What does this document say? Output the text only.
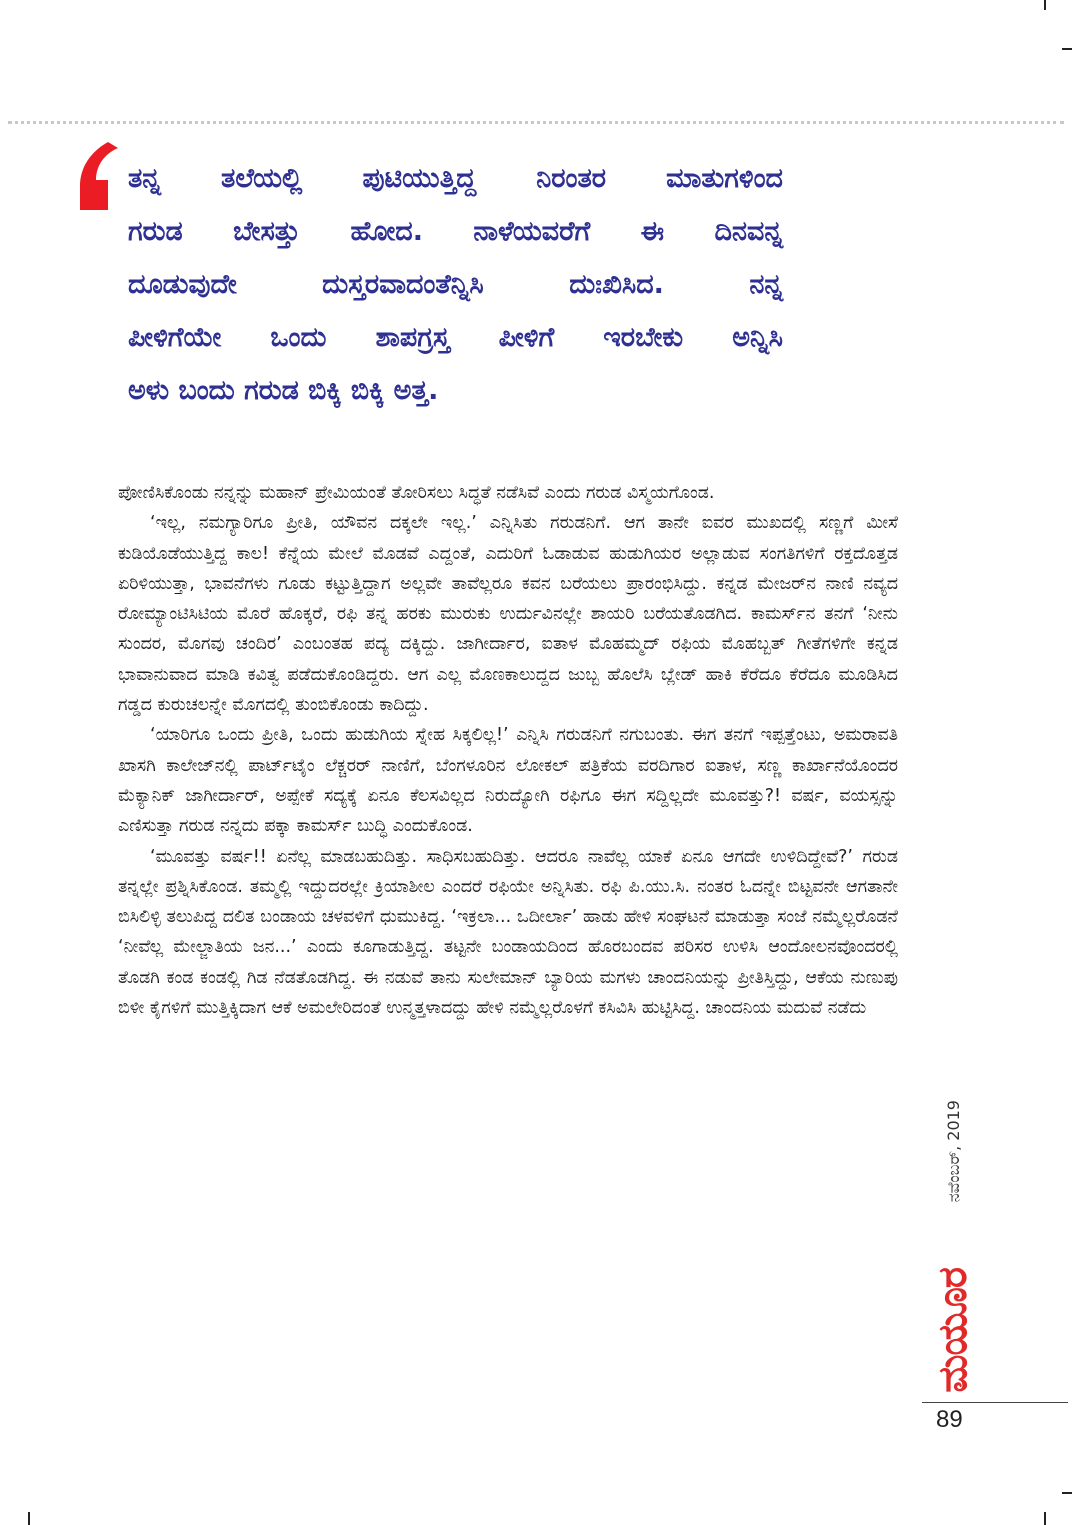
ತನ್ನ ತಲೆಯಲ್ಲಿ ಪುಟಿಯುತ್ತಿದ್ದ ನಿರಂತರ ಮಾತುಗಳಿಂದ
ಗರುಡ ಬೇಸತ್ತು ಹೋದ. ನಾಳೆಯವರೆಗೆ ಈ ದಿನವನ್ನ
ದೂಡುವುದೇ ದುಸ್ತರವಾದಂತೆನ್ನಿಸಿ ದುಃಖಿಸಿದ. ನನ್ನ
ಪೀಳಿಗೆಯೇ ಒಂದು ಶಾಪಗ್ರಸ್ತ ಪೀಳಿಗೆ ಇರಬೇಕು ಅನ್ನಿಸಿ
ಅಳು ಬಂದು ಗರುಡ ಬಿಕ್ಕಿ ಬಿಕ್ಕಿ ಅತ್ತ.

ಪೋಣಿಸಿಕೊಂಡು ನನ್ನನ್ನು ಮಹಾನ್ ಪ್ರೇಮಿಯಂತೆ ತೋರಿಸಲು ಸಿದ್ಧತೆ ನಡೆಸಿವೆ ಎಂದು ಗರುಡ ವಿಸ್ಮಯಗೊಂಡ.

‘ಇಲ್ಲ, ನಮಗ್ಯಾರಿಗೂ ಪ್ರೀತಿ, ಯೌವನ ದಕ್ಕಲೇ ಇಲ್ಲ.’ ಎನ್ನಿಸಿತು ಗರುಡನಿಗೆ. ಆಗ ತಾನೇ ಐವರ ಮುಖದಲ್ಲಿ ಸಣ್ಣಗೆ ಮೀಸೆ ಕುಡಿಯೊಡೆಯುತ್ತಿದ್ದ ಕಾಲ! ಕೆನ್ನೆಯ ಮೇಲೆ ಮೊಡವೆ ಎದ್ದಂತೆ, ಎದುರಿಗೆ ಓಡಾಡುವ ಹುಡುಗಿಯರ ಅಲ್ಲಾಡುವ ಸಂಗತಿಗಳಿಗೆ ರಕ್ತದೊತ್ತಡ ಏರಿಳಿಯುತ್ತಾ, ಭಾವನೆಗಳು ಗೂಡು ಕಟ್ಟುತ್ತಿದ್ದಾಗ ಅಲ್ಲವೇ ತಾವೆಲ್ಲರೂ ಕವನ ಬರೆಯಲು ಪ್ರಾರಂಭಿಸಿದ್ದು. ಕನ್ನಡ ಮೇಜರ್‌ನ ನಾಣಿ ನವ್ಯದ ರೋಮ್ಯಾಂಟಿಸಿಟಿಯ ಮೊರೆ ಹೊಕ್ಕರೆ, ರಫಿ ತನ್ನ ಹರಕು ಮುರುಕು ಉರ್ದುವಿನಲ್ಲೇ ಶಾಯರಿ ಬರೆಯತೊಡಗಿದ. ಕಾಮರ್ಸ್‌ನ ತನಗೆ ‘ನೀನು ಸುಂದರ, ಮೊಗವು ಚಂದಿರ’ ಎಂಬಂತಹ ಪದ್ಯ ದಕ್ಕಿದ್ದು. ಜಾಗೀರ್ದಾರ, ಐತಾಳ ಮೊಹಮ್ಮದ್ ರಫಿಯ ಮೊಹಬ್ಬತ್ ಗೀತೆಗಳಿಗೇ ಕನ್ನಡ ಭಾವಾನುವಾದ ಮಾಡಿ ಕವಿತ್ವ ಪಡೆದುಕೊಂಡಿದ್ದರು. ಆಗ ಎಲ್ಲ ಮೊಣಕಾಲುದ್ದದ ಜುಬ್ಬ ಹೊಲೆಸಿ ಬ್ಲೇಡ್ ಹಾಕಿ ಕೆರೆದೂ ಕೆರೆದೂ ಮೂಡಿಸಿದ ಗಡ್ಡದ ಕುರುಚಲನ್ನೇ ಮೊಗದಲ್ಲಿ ತುಂಬಿಕೊಂಡು ಕಾದಿದ್ದು.

‘ಯಾರಿಗೂ ಒಂದು ಪ್ರೀತಿ, ಒಂದು ಹುಡುಗಿಯ ಸ್ನೇಹ ಸಿಕ್ಕಲಿಲ್ಲ!’ ಎನ್ನಿಸಿ ಗರುಡನಿಗೆ ನಗುಬಂತು. ಈಗ ತನಗೆ ಇಪ್ಪತ್ತೆಂಟು, ಅಮರಾವತಿ ಖಾಸಗಿ ಕಾಲೇಜ್‌ನಲ್ಲಿ ಪಾರ್ಟ್‌ಟೈಂ ಲೆಕ್ಚರರ್ ನಾಣಿಗೆ, ಬೆಂಗಳೂರಿನ ಲೋಕಲ್ ಪತ್ರಿಕೆಯ ವರದಿಗಾರ ಐತಾಳ, ಸಣ್ಣ ಕಾರ್ಖಾನೆಯೊಂದರ ಮೆಕ್ಯಾನಿಕ್ ಜಾಗೀರ್ದಾರ್, ಅಪ್ಪೇಕೆ ಸದ್ಯಕ್ಕೆ ಏನೂ ಕೆಲಸವಿಲ್ಲದ ನಿರುದ್ಯೋಗಿ ರಫಿಗೂ ಈಗ ಸದ್ದಿಲ್ಲದೇ ಮೂವತ್ತು?! ವರ್ಷ, ವಯಸ್ಸನ್ನು ಎಣಿಸುತ್ತಾ ಗರುಡ ನನ್ನದು ಪಕ್ಕಾ ಕಾಮರ್ಸ್ ಬುದ್ಧಿ ಎಂದುಕೊಂಡ.

‘ಮೂವತ್ತು ವರ್ಷ!! ಏನೆಲ್ಲ ಮಾಡಬಹುದಿತ್ತು. ಸಾಧಿಸಬಹುದಿತ್ತು. ಆದರೂ ನಾವೆಲ್ಲ ಯಾಕೆ ಏನೂ ಆಗದೇ ಉಳಿದಿದ್ದೇವೆ?’ ಗರುಡ ತನ್ನಲ್ಲೇ ಪ್ರಶ್ನಿಸಿಕೊಂಡ. ತಮ್ಮಲ್ಲಿ ಇದ್ದುದರಲ್ಲೇ ಕ್ರಿಯಾಶೀಲ ಎಂದರೆ ರಫಿಯೇ ಅನ್ನಿಸಿತು. ರಫಿ ಪಿ.ಯು.ಸಿ. ನಂತರ ಓದನ್ನೇ ಬಿಟ್ಟವನೇ ಆಗತಾನೇ ಬಿಸಿಲಿಳ್ಳಿ ತಲುಪಿದ್ದ ದಲಿತ ಬಂಡಾಯ ಚಳವಳಿಗೆ ಧುಮುಕಿದ್ದ. ‘ಇಕ್ರಲಾ... ಒದೀರ್ಲಾ’ ಹಾಡು ಹೇಳಿ ಸಂಘಟನೆ ಮಾಡುತ್ತಾ ಸಂಜೆ ನಮ್ಮೆಲ್ಲರೊಡನೆ ‘ನೀವೆಲ್ಲ ಮೇಲ್ಜಾತಿಯ ಜನ...’ ಎಂದು ಕೂಗಾಡುತ್ತಿದ್ದ. ತಟ್ಟನೇ ಬಂಡಾಯದಿಂದ ಹೊರಬಂದವ ಪರಿಸರ ಉಳಿಸಿ ಆಂದೋಲನವೊಂದರಲ್ಲಿ ತೊಡಗಿ ಕಂಡ ಕಂಡಲ್ಲಿ ಗಿಡ ನೆಡತೊಡಗಿದ್ದ. ಈ ನಡುವೆ ತಾನು ಸುಲೇಮಾನ್ ಬ್ಯಾರಿಯ ಮಗಳು ಚಾಂದನಿಯನ್ನು ಪ್ರೀತಿಸ್ತಿದ್ದು, ಆಕೆಯ ನುಣುಪು ಬಿಳೀ ಕೈಗಳಿಗೆ ಮುತ್ತಿಕ್ಕಿದಾಗ ಆಕೆ ಅಮಲೇರಿದಂತೆ ಉನ್ಮತ್ತಳಾದದ್ದು ಹೇಳಿ ನಮ್ಮೆಲ್ಲರೊಳಗೆ ಕಸಿವಿಸಿ ಹುಟ್ಟಿಸಿದ್ದ. ಚಾಂದನಿಯ ಮದುವೆ ನಡೆದು

ನವೆಂಬರ್, 2019
ಮಯೂರ
89
